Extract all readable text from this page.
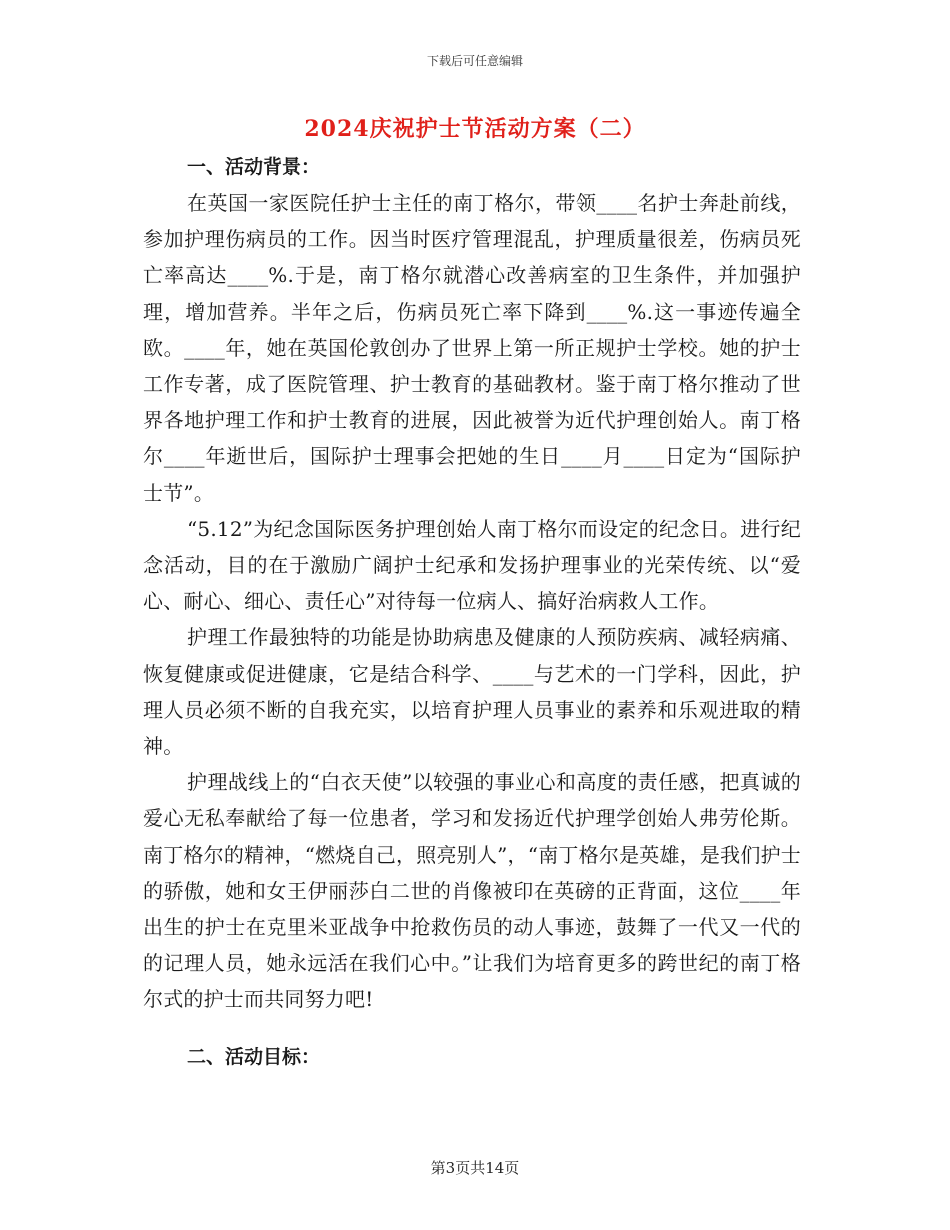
下载后可任意编辑
2024庆祝护士节活动方案（二）

一、活动背景：

在英国一家医院任护士主任的南丁格尔，带领____名护士奔赴前线，参加护理伤病员的工作。因当时医疗管理混乱，护理质量很差，伤病员死亡率高达____%.于是，南丁格尔就潜心改善病室的卫生条件，并加强护理，增加营养。半年之后，伤病员死亡率下降到____%.这一事迹传遍全欧。____年，她在英国伦敦创办了世界上第一所正规护士学校。她的护士工作专著，成了医院管理、护士教育的基础教材。鉴于南丁格尔推动了世界各地护理工作和护士教育的进展，因此被誉为近代护理创始人。南丁格尔____年逝世后，国际护士理事会把她的生日____月____日定为“国际护士节”。

“5.12”为纪念国际医务护理创始人南丁格尔而设定的纪念日。进行纪念活动，目的在于激励广阔护士纪承和发扬护理事业的光荣传统、以“爱心、耐心、细心、责任心”对待每一位病人、搞好治病救人工作。

护理工作最独特的功能是协助病患及健康的人预防疾病、减轻病痛、恢复健康或促进健康，它是结合科学、____与艺术的一门学科，因此，护理人员必须不断的自我充实，以培育护理人员事业的素养和乐观进取的精神。

护理战线上的“白衣天使”以较强的事业心和高度的责任感，把真诚的爱心无私奉献给了每一位患者，学习和发扬近代护理学创始人弗劳伦斯。南丁格尔的精神，“燃烧自己，照亮别人”，“南丁格尔是英雄，是我们护士的骄傲，她和女王伊丽莎白二世的肖像被印在英磅的正背面，这位____年出生的护士在克里米亚战争中抢救伤员的动人事迹，鼓舞了一代又一代的的记理人员，她永远活在我们心中。”让我们为培育更多的跨世纪的南丁格尔式的护士而共同努力吧!

二、活动目标：

第3页共14页
